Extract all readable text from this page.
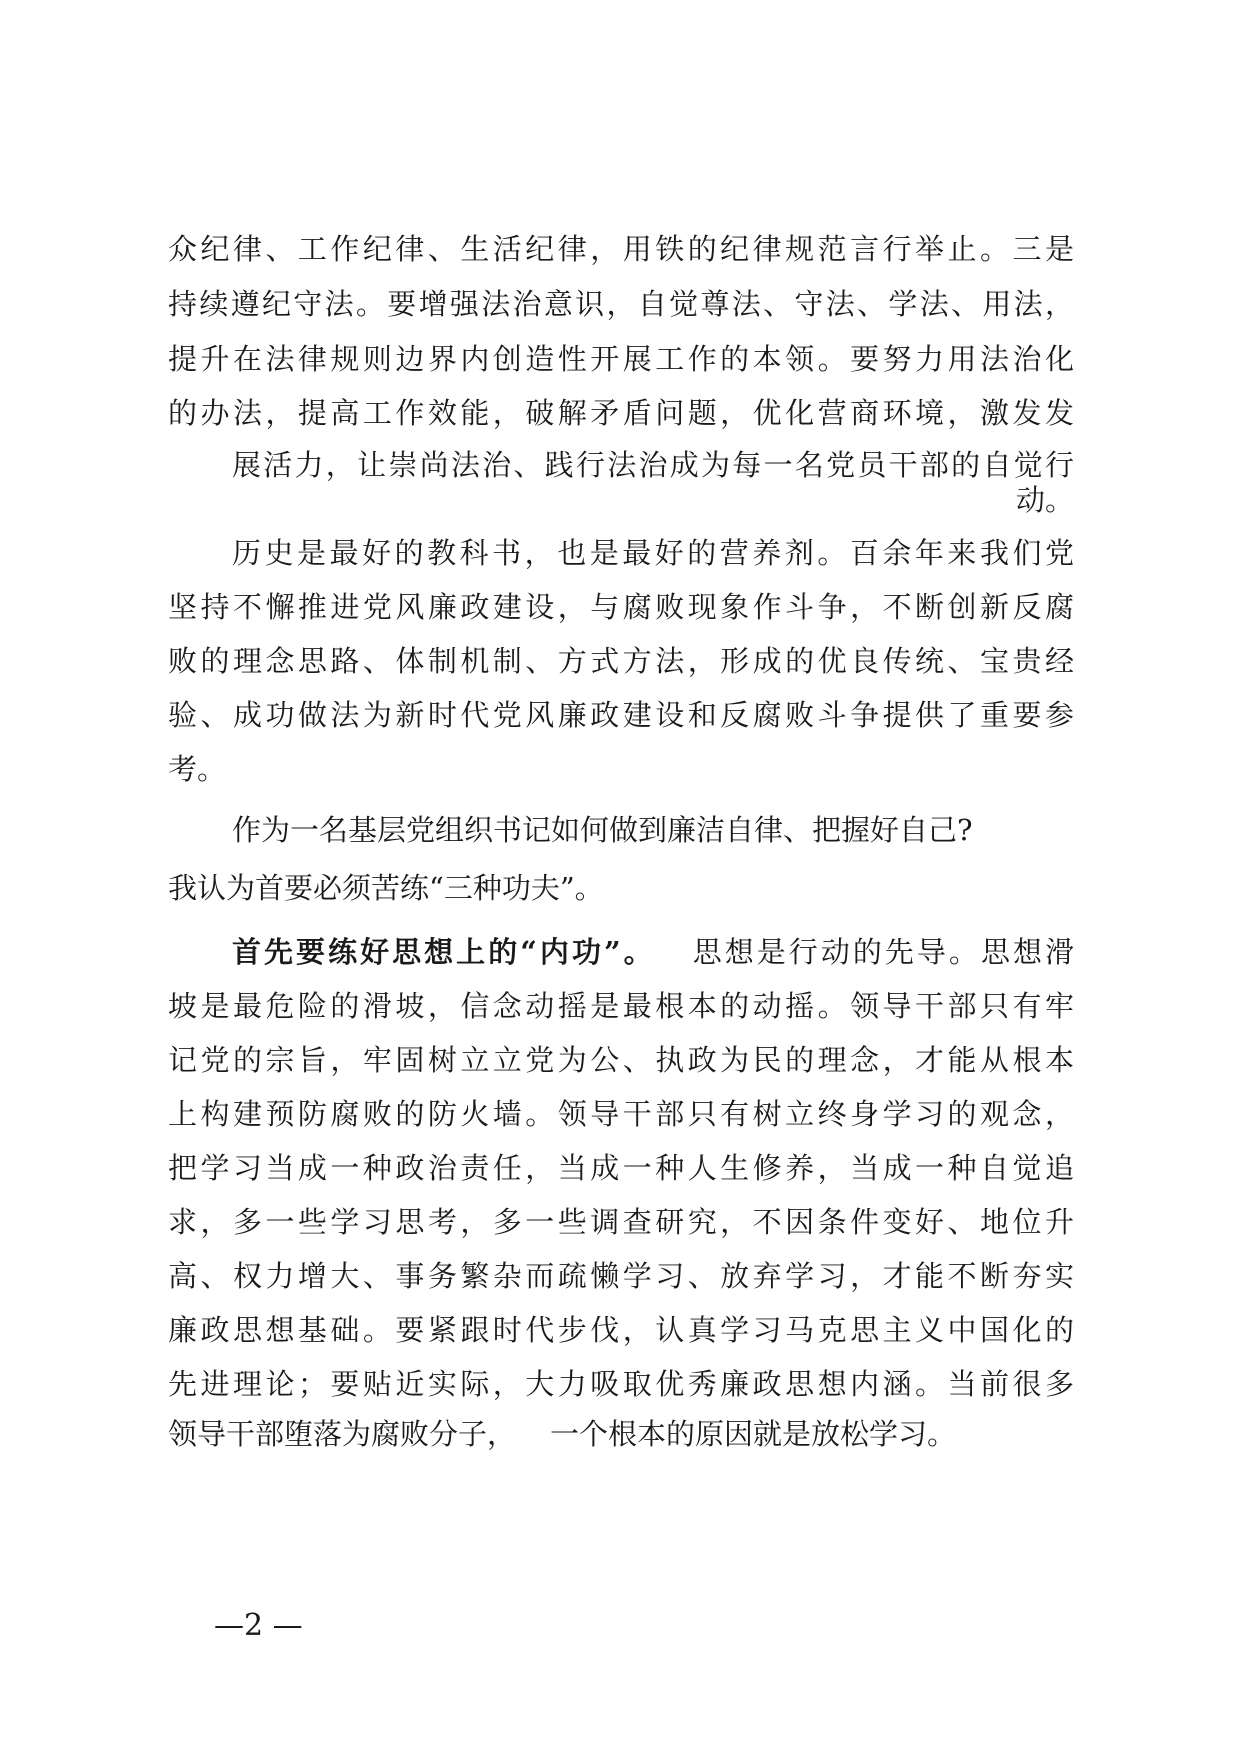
众纪律、工作纪律、生活纪律，用铁的纪律规范言行举止。三是
持续遵纪守法。要增强法治意识，自觉尊法、守法、学法、用法，
提升在法律规则边界内创造性开展工作的本领。要努力用法治化
的办法，提高工作效能，破解矛盾问题，优化营商环境，激发发
展活力，让崇尚法治、践行法治成为每一名党员干部的自觉行
动。
历史是最好的教科书，也是最好的营养剂。百余年来我们党
坚持不懈推进党风廉政建设，与腐败现象作斗争，不断创新反腐
败的理念思路、体制机制、方式方法，形成的优良传统、宝贵经
验、成功做法为新时代党风廉政建设和反腐败斗争提供了重要参
考。
作为一名基层党组织书记如何做到廉洁自律、把握好自己?
我认为首要必须苦练“三种功夫”。
首先要练好思想上的“内功”。 思想是行动的先导。思想滑
坡是最危险的滑坡，信念动摇是最根本的动摇。领导干部只有牢
记党的宗旨，牢固树立立党为公、执政为民的理念，才能从根本
上构建预防腐败的防火墙。领导干部只有树立终身学习的观念，
把学习当成一种政治责任，当成一种人生修养，当成一种自觉追
求，多一些学习思考，多一些调查研究，不因条件变好、地位升
高、权力增大、事务繁杂而疏懒学习、放弃学习，才能不断夯实
廉政思想基础。要紧跟时代步伐，认真学习马克思主义中国化的
先进理论；要贴近实际，大力吸取优秀廉政思想内涵。当前很多
领导干部堕落为腐败分子， 一个根本的原因就是放松学习。
—2 —
